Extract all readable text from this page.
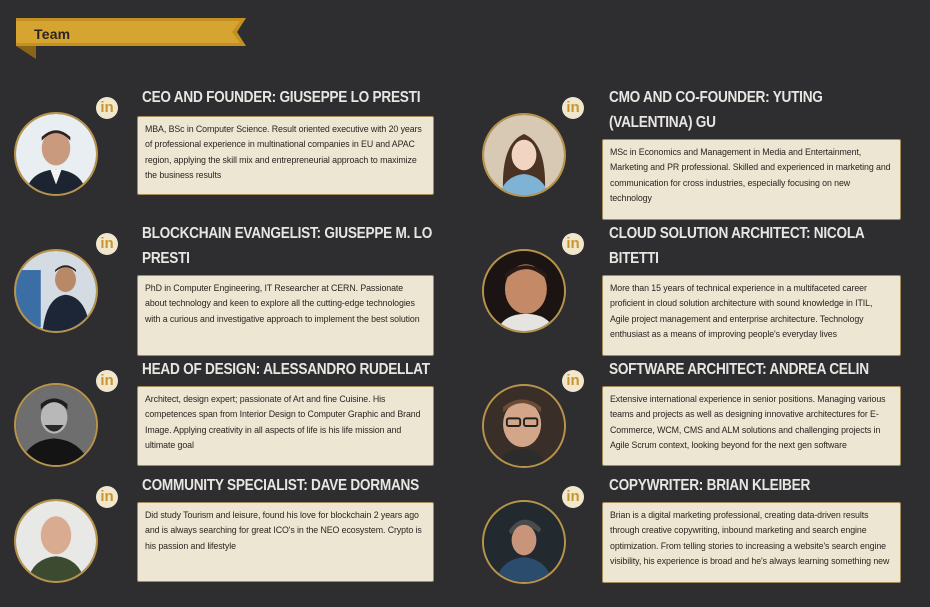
Team
in
CEO AND FOUNDER: GIUSEPPE LO PRESTI
MBA, BSc in Computer Science. Result oriented executive with 20 years of professional experience in multinational companies in EU and APAC region, applying the skill mix and entrepreneurial approach to maximize the business results
in
CMO AND CO-FOUNDER: YUTING (VALENTINA) GU
MSc in Economics and Management in Media and Entertainment, Marketing and PR professional. Skilled and experienced in marketing and communication for cross industries, especially focusing on new technology
in
BLOCKCHAIN EVANGELIST: GIUSEPPE M. LO PRESTI
PhD in Computer Engineering, IT Researcher at CERN. Passionate about technology and keen to explore all the cutting-edge technologies with a curious and investigative approach to implement the best solution
in
CLOUD SOLUTION ARCHITECT: NICOLA BITETTI
More than 15 years of technical experience in a multifaceted career proficient in cloud solution architecture with sound knowledge in ITIL, Agile project management and enterprise architecture. Technology enthusiast as a means of improving people's everyday lives
in
HEAD OF DESIGN: ALESSANDRO RUDELLAT
Architect, design expert; passionate of Art and fine Cuisine. His competences span from Interior Design to Computer Graphic and Brand Image. Applying creativity in all aspects of life is his life mission and ultimate goal
in
SOFTWARE ARCHITECT: ANDREA CELIN
Extensive international experience in senior positions. Managing various teams and projects as well as designing innovative architectures for E-Commerce, WCM, CMS and ALM solutions and challenging projects in Agile Scrum context, looking beyond for the next gen software
in
COMMUNITY SPECIALIST: DAVE DORMANS
Did study Tourism and leisure, found his love for blockchain 2 years ago and is always searching for great ICO's in the NEO ecosystem. Crypto is his passion and lifestyle
in
COPYWRITER: BRIAN KLEIBER
Brian is a digital marketing professional, creating data-driven results through creative copywriting, inbound marketing and search engine optimization. From telling stories to increasing a website's search engine visibility, his experience is broad and he's always learning something new
